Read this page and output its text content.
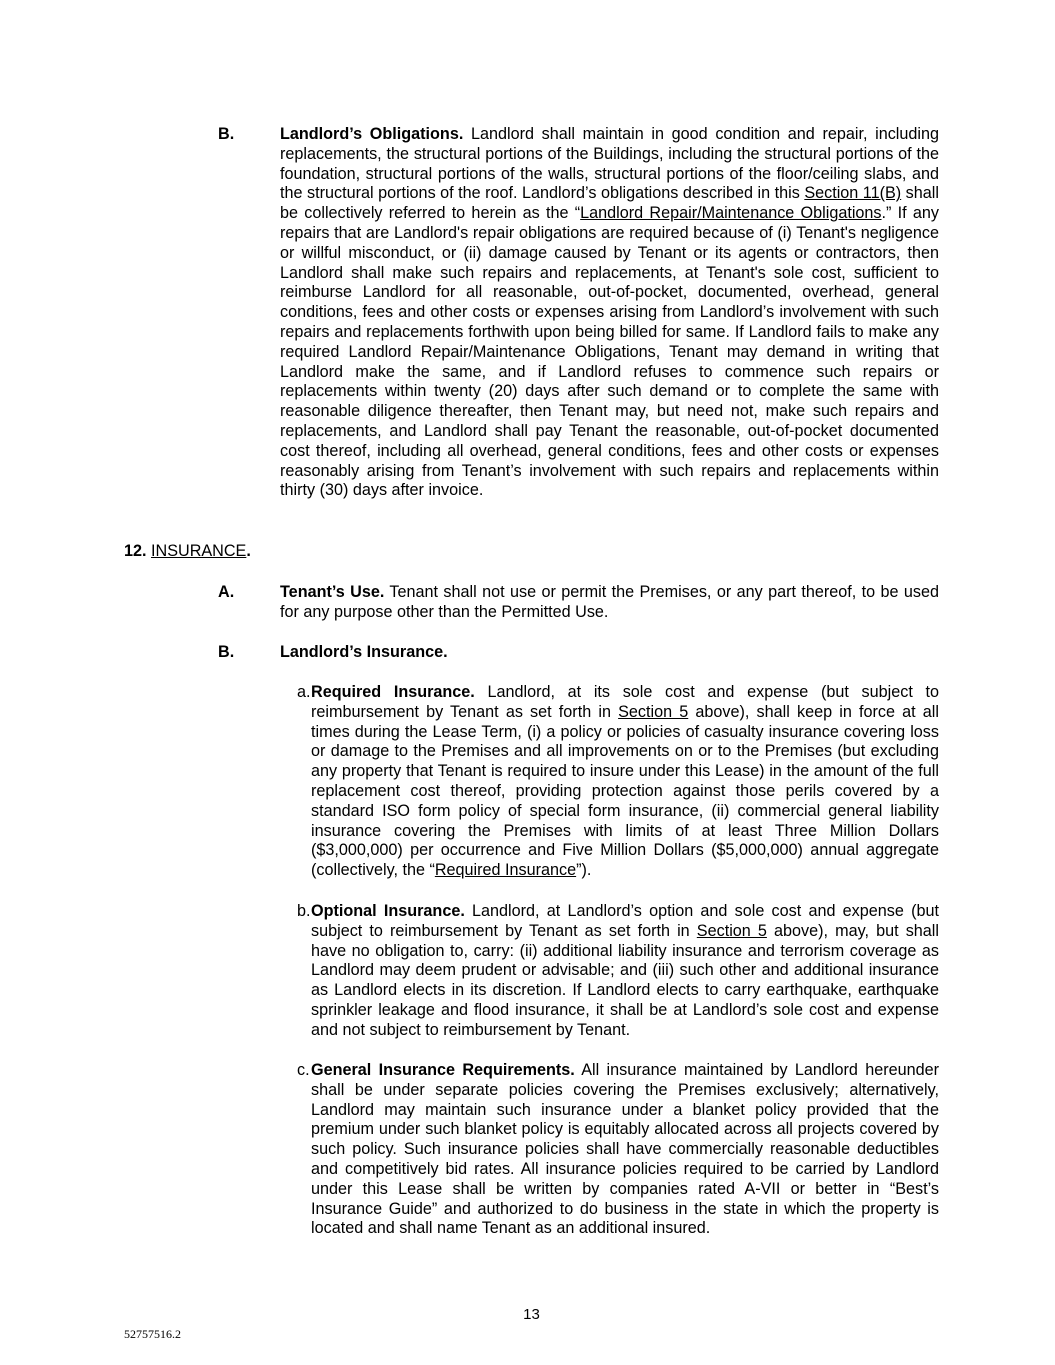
B.	Landlord’s Obligations. Landlord shall maintain in good condition and repair, including replacements, the structural portions of the Buildings, including the structural portions of the foundation, structural portions of the walls, structural portions of the floor/ceiling slabs, and the structural portions of the roof. Landlord’s obligations described in this Section 11(B) shall be collectively referred to herein as the “Landlord Repair/Maintenance Obligations.” If any repairs that are Landlord's repair obligations are required because of (i) Tenant's negligence or willful misconduct, or (ii) damage caused by Tenant or its agents or contractors, then Landlord shall make such repairs and replacements, at Tenant's sole cost, sufficient to reimburse Landlord for all reasonable, out-of-pocket, documented, overhead, general conditions, fees and other costs or expenses arising from Landlord’s involvement with such repairs and replacements forthwith upon being billed for same. If Landlord fails to make any required Landlord Repair/Maintenance Obligations, Tenant may demand in writing that Landlord make the same, and if Landlord refuses to commence such repairs or replacements within twenty (20) days after such demand or to complete the same with reasonable diligence thereafter, then Tenant may, but need not, make such repairs and replacements, and Landlord shall pay Tenant the reasonable, out-of-pocket documented cost thereof, including all overhead, general conditions, fees and other costs or expenses reasonably arising from Tenant’s involvement with such repairs and replacements within thirty (30) days after invoice.

12. INSURANCE.
A.	Tenant’s Use. Tenant shall not use or permit the Premises, or any part thereof, to be used for any purpose other than the Permitted Use.

B.	Landlord’s Insurance.
a. Required Insurance. Landlord, at its sole cost and expense (but subject to reimbursement by Tenant as set forth in Section 5 above), shall keep in force at all times during the Lease Term, (i) a policy or policies of casualty insurance covering loss or damage to the Premises and all improvements on or to the Premises (but excluding any property that Tenant is required to insure under this Lease) in the amount of the full replacement cost thereof, providing protection against those perils covered by a standard ISO form policy of special form insurance, (ii) commercial general liability insurance covering the Premises with limits of at least Three Million Dollars ($3,000,000) per occurrence and Five Million Dollars ($5,000,000) annual aggregate (collectively, the “Required Insurance”).

b. Optional Insurance. Landlord, at Landlord’s option and sole cost and expense (but subject to reimbursement by Tenant as set forth in Section 5 above), may, but shall have no obligation to, carry: (ii) additional liability insurance and terrorism coverage as Landlord may deem prudent or advisable; and (iii) such other and additional insurance as Landlord elects in its discretion. If Landlord elects to carry earthquake, earthquake sprinkler leakage and flood insurance, it shall be at Landlord’s sole cost and expense and not subject to reimbursement by Tenant.

c. General Insurance Requirements. All insurance maintained by Landlord hereunder shall be under separate policies covering the Premises exclusively; alternatively, Landlord may maintain such insurance under a blanket policy provided that the premium under such blanket policy is equitably allocated across all projects covered by such policy. Such insurance policies shall have commercially reasonable deductibles and competitively bid rates. All insurance policies required to be carried by Landlord under this Lease shall be written by companies rated A-VII or better in “Best’s Insurance Guide” and authorized to do business in the state in which the property is located and shall name Tenant as an additional insured.

13
52757516.2
